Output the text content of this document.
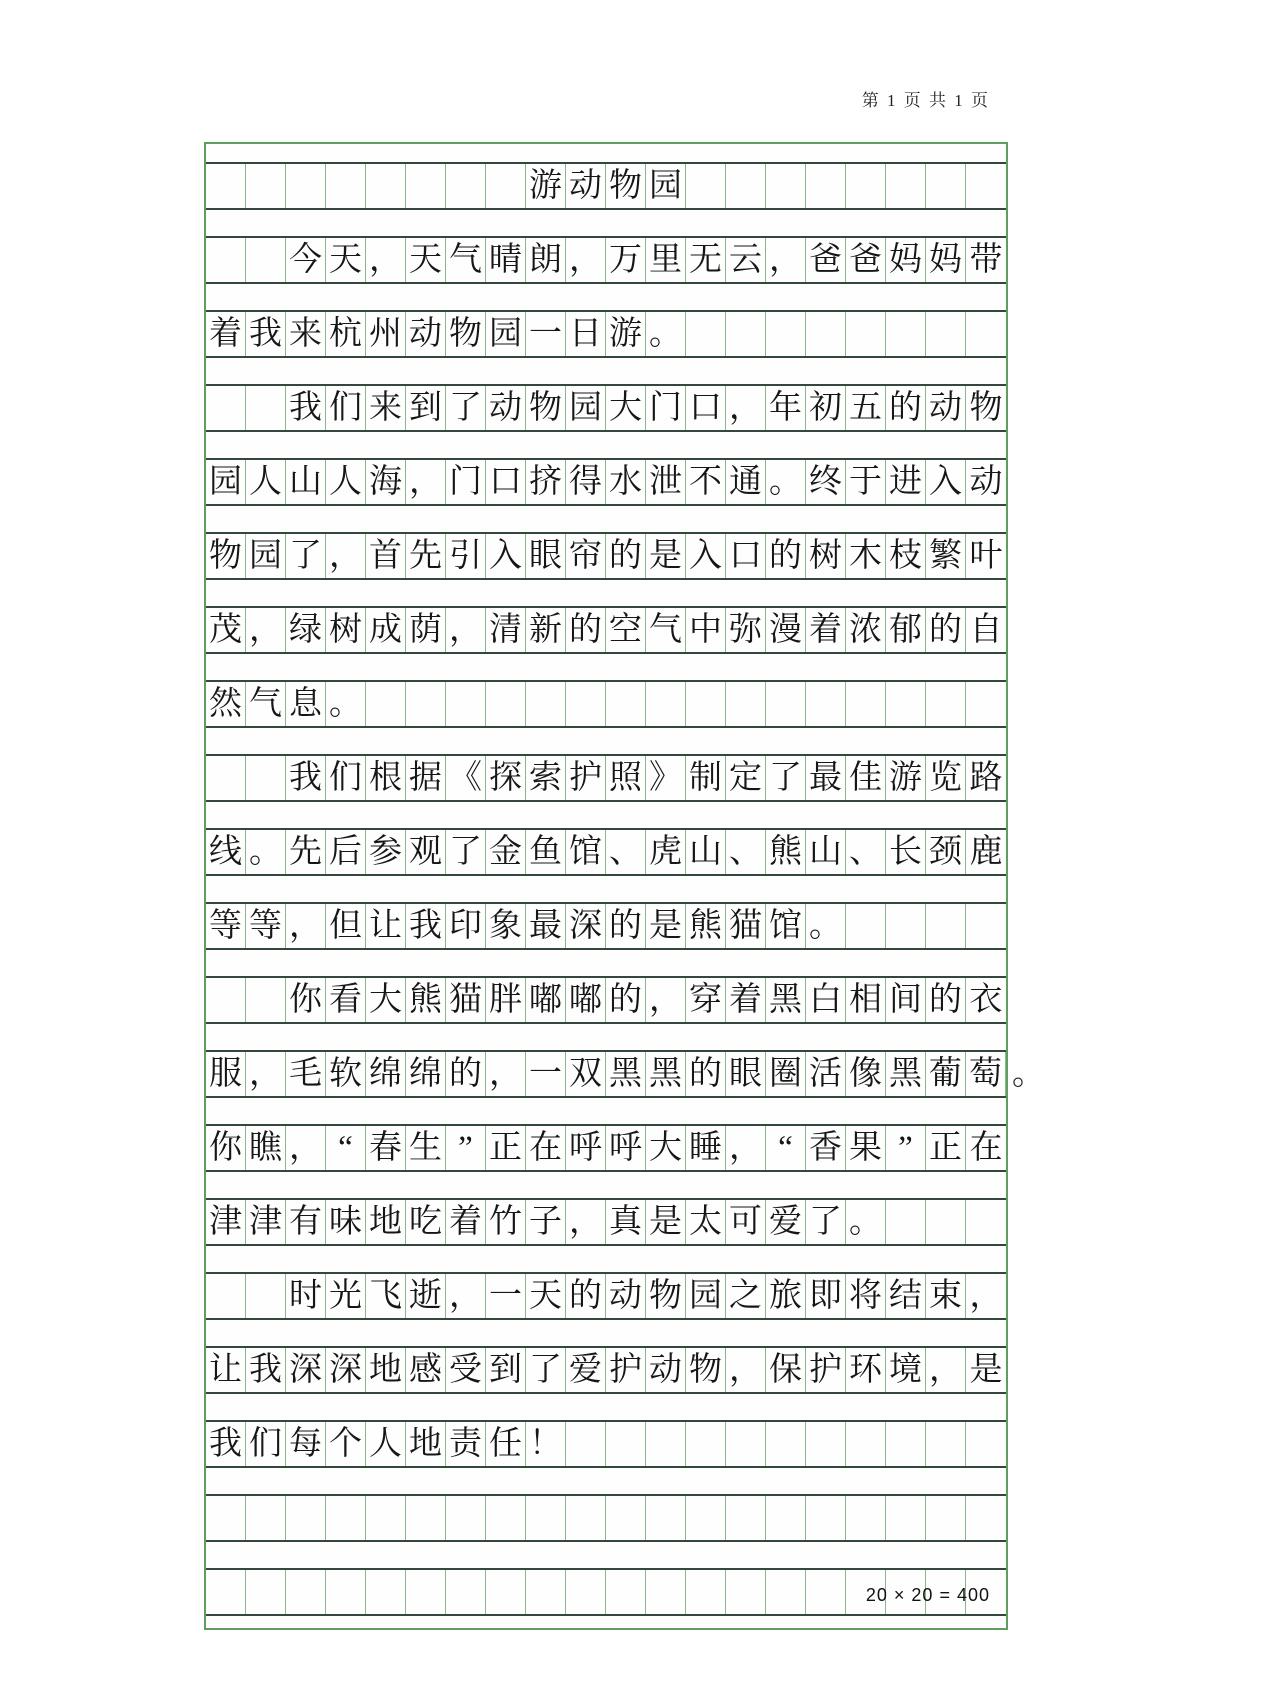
第 1 页 共 1 页
游 动 物 园
今 天 ， 天 气 晴 朗 ， 万 里 无 云 ， 爸 爸 妈 妈 带
着 我 来 杭 州 动 物 园 一 日 游 。
我 们 来 到 了 动 物 园 大 门 口 ， 年 初 五 的 动 物
园 人 山 人 海 ， 门 口 挤 得 水 泄 不 通 。 终 于 进 入 动
物 园 了 ， 首 先 引 入 眼 帘 的 是 入 口 的 树 木 枝 繁 叶
茂 ， 绿 树 成 荫 ， 清 新 的 空 气 中 弥 漫 着 浓 郁 的 自
然 气 息 。
我 们 根 据 《 探 索 护 照 》 制 定 了 最 佳 游 览 路
线 。 先 后 参 观 了 金 鱼 馆 、 虎 山 、 熊 山 、 长 颈 鹿
等 等 ， 但 让 我 印 象 最 深 的 是 熊 猫 馆 。
你 看 大 熊 猫 胖 嘟 嘟 的 ， 穿 着 黑 白 相 间 的 衣
服 ， 毛 软 绵 绵 的 ， 一 双 黑 黑 的 眼 圈 活 像 黑 葡 萄 。
你 瞧 ， “ 春 生 ” 正 在 呼 呼 大 睡 ， “ 香 果 ” 正 在
津 津 有 味 地 吃 着 竹 子 ， 真 是 太 可 爱 了 。
时 光 飞 逝 ， 一 天 的 动 物 园 之 旅 即 将 结 束 ，
让 我 深 深 地 感 受 到 了 爱 护 动 物 ， 保 护 环 境 ， 是
我 们 每 个 人 地 责 任 ！
20 × 20 = 400
